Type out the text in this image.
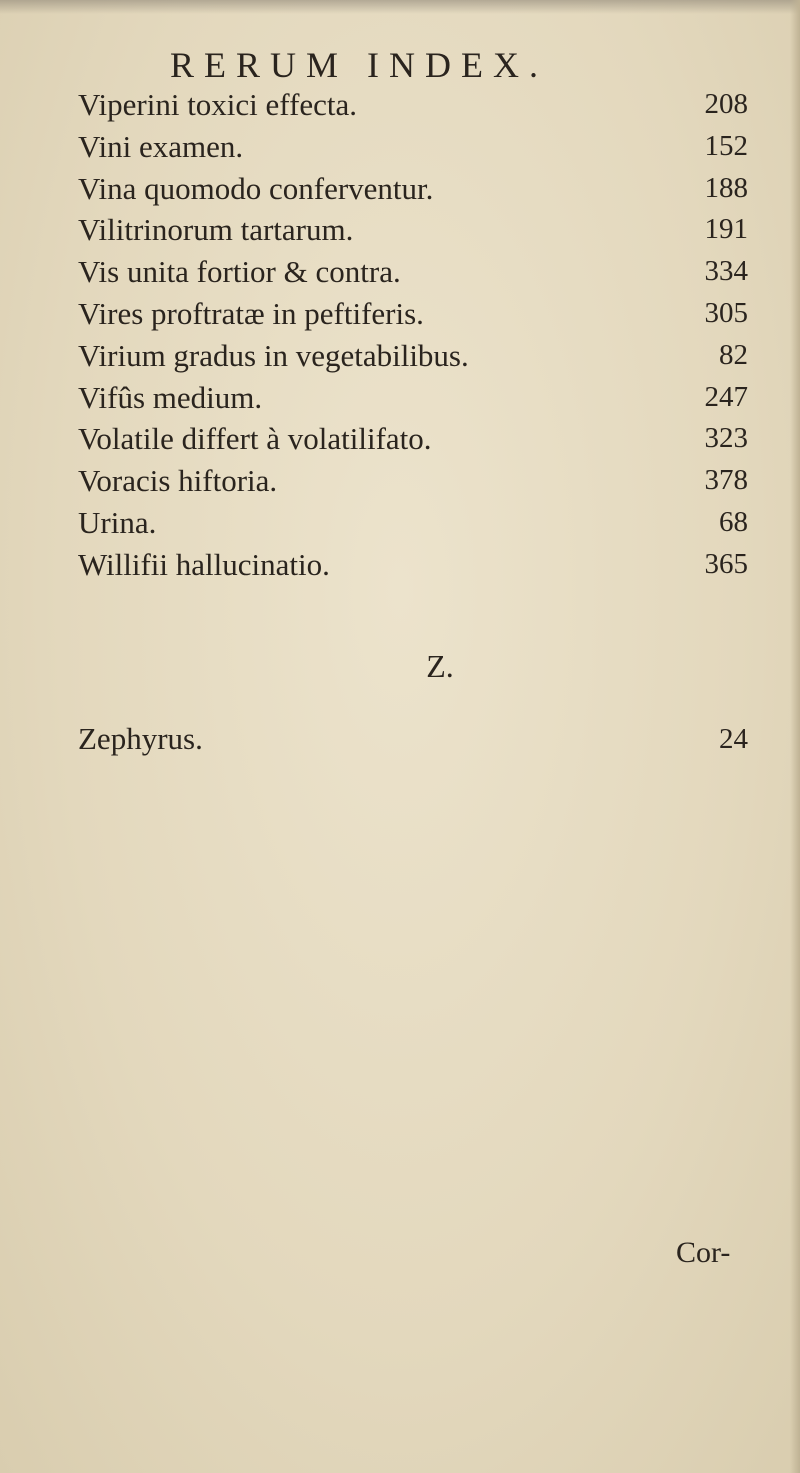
RERUM INDEX.
Viperini toxici effecta.	208
Vini examen.	152
Vina quomodo conferventur.	188
Vilitrinorum tartarum.	191
Vis unita fortior & contra.	334
Vires proftratæ in peftiferis.	305
Virium gradus in vegetabilibus.	82
Vifûs medium.	247
Volatile differt à volatilifato.	323
Voracis hiftoria.	378
Urina.	68
Willifii hallucinatio.	365
Z.
Zephyrus.	24
Cor-
